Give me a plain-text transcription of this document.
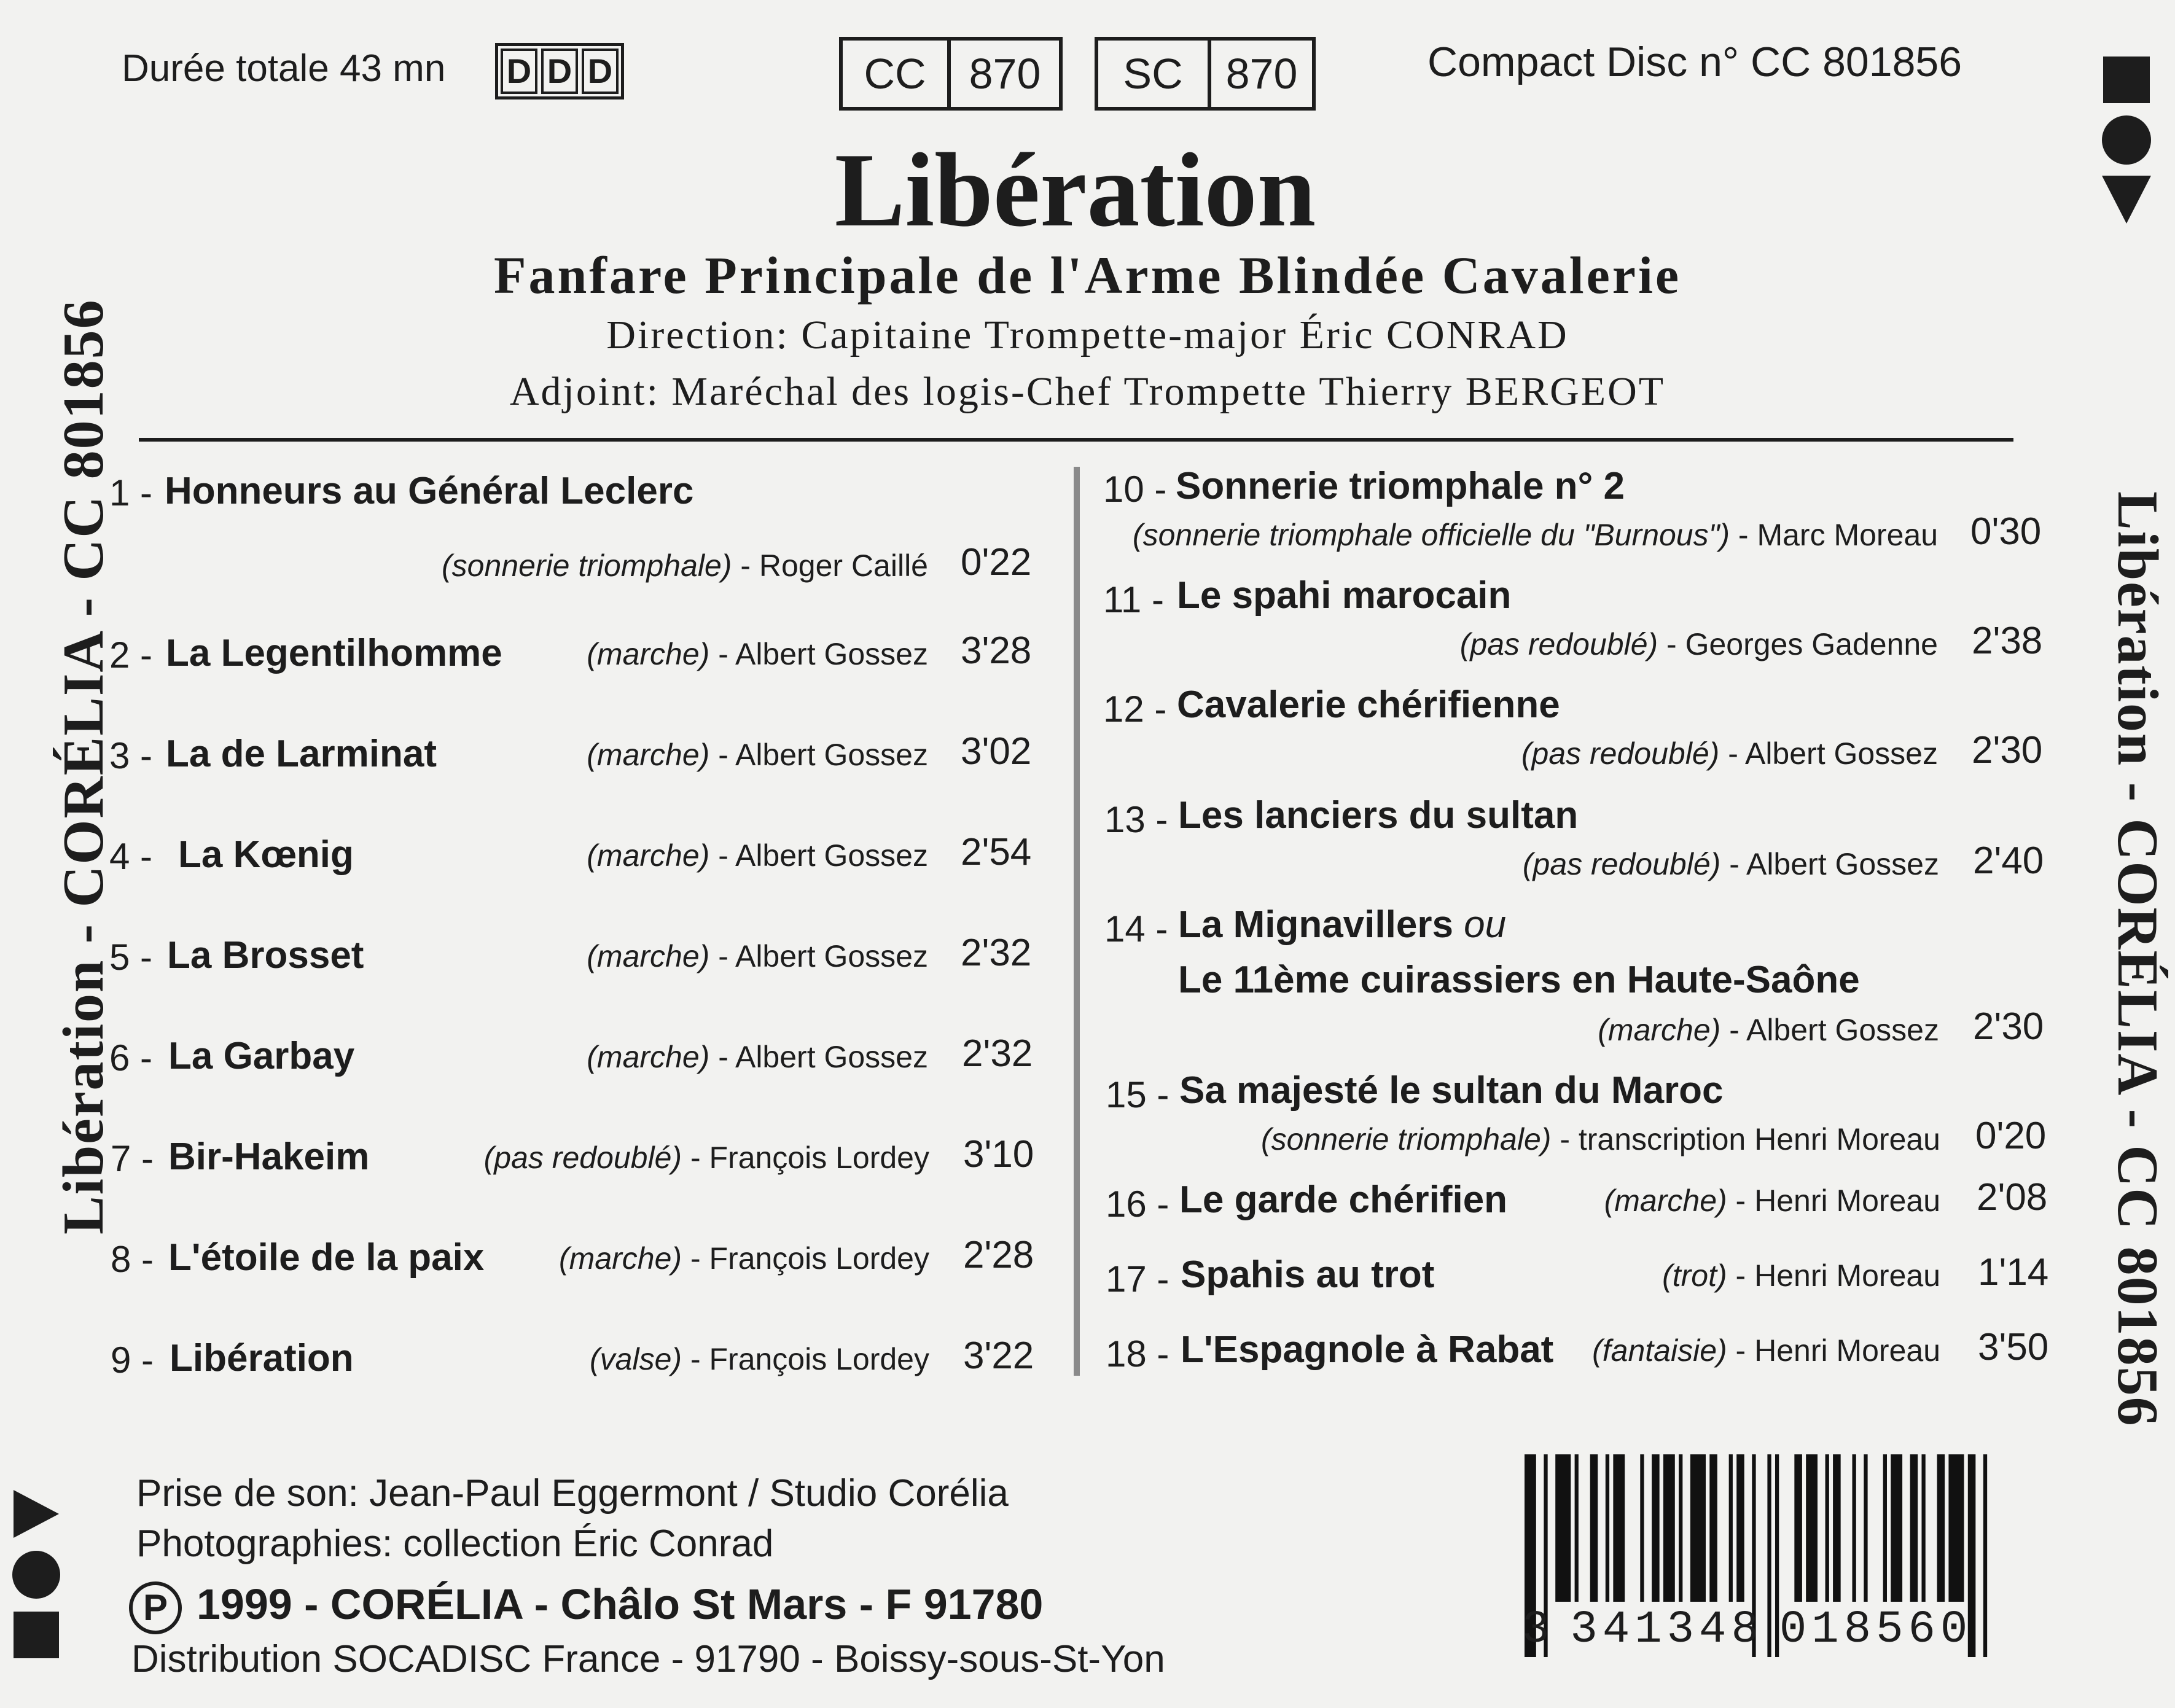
Libération - CORÉLIA - CC 801856	Libération - CORÉLIA - CC 801856
Durée totale 43 mn D D D	CC	870	SC 870	Compact Disc n° CC 801856
Libération
Fanfare Principale de l'Arme Blindée Cavalerie
Direction: Capitaine Trompette-major Éric CONRAD
Adjoint: Maréchal des logis-Chef Trompette Thierry BERGEOT
1 - Honneurs au Général Leclerc
(sonnerie triomphale) - Roger Caillé 0'22
2 - La Legentilhomme	(marche) - Albert Gossez 3'28
3 - La de Larminat	(marche) - Albert Gossez 3'02
4 - La Kœnig	(marche) - Albert Gossez 2'54
5 - La Brosset	(marche) - Albert Gossez 2'32
6 - La Garbay	(marche) - Albert Gossez 2'32
7 - Bir-Hakeim	(pas redoublé) - François Lordey 3'10
8 - L'étoile de la paix (marche) - François Lordey 2'28
9 - Libération	(valse) - François Lordey 3'22
10 - Sonnerie triomphale n° 2
(sonnerie triomphale officielle du "Burnous") - Marc Moreau 0'30
11 - Le spahi marocain
(pas redoublé) - Georges Gadenne 2'38
12 - Cavalerie chérifienne
(pas redoublé) - Albert Gossez 2'30
13 - Les lanciers du sultan
(pas redoublé) - Albert Gossez 2'40
14 - La Mignavillers ou
Le 11ème cuirassiers en Haute-Saône
(marche) - Albert Gossez 2'30
15 - Sa majesté le sultan du Maroc
(sonnerie triomphale) - transcription Henri Moreau 0'20
16 - Le garde chérifien	(marche) - Henri Moreau 2'08
17 - Spahis au trot	(trot) - Henri Moreau 1'14
18 - L'Espagnole à Rabat (fantaisie) - Henri Moreau 3'50
Prise de son: Jean-Paul Eggermont / Studio Corélia
Photographies: collection Éric Conrad
P 1999 - CORÉLIA - Châlo St Mars - F 91780
Distribution SOCADISC France - 91790 - Boissy-sous-St-Yon
3 341348 018560
